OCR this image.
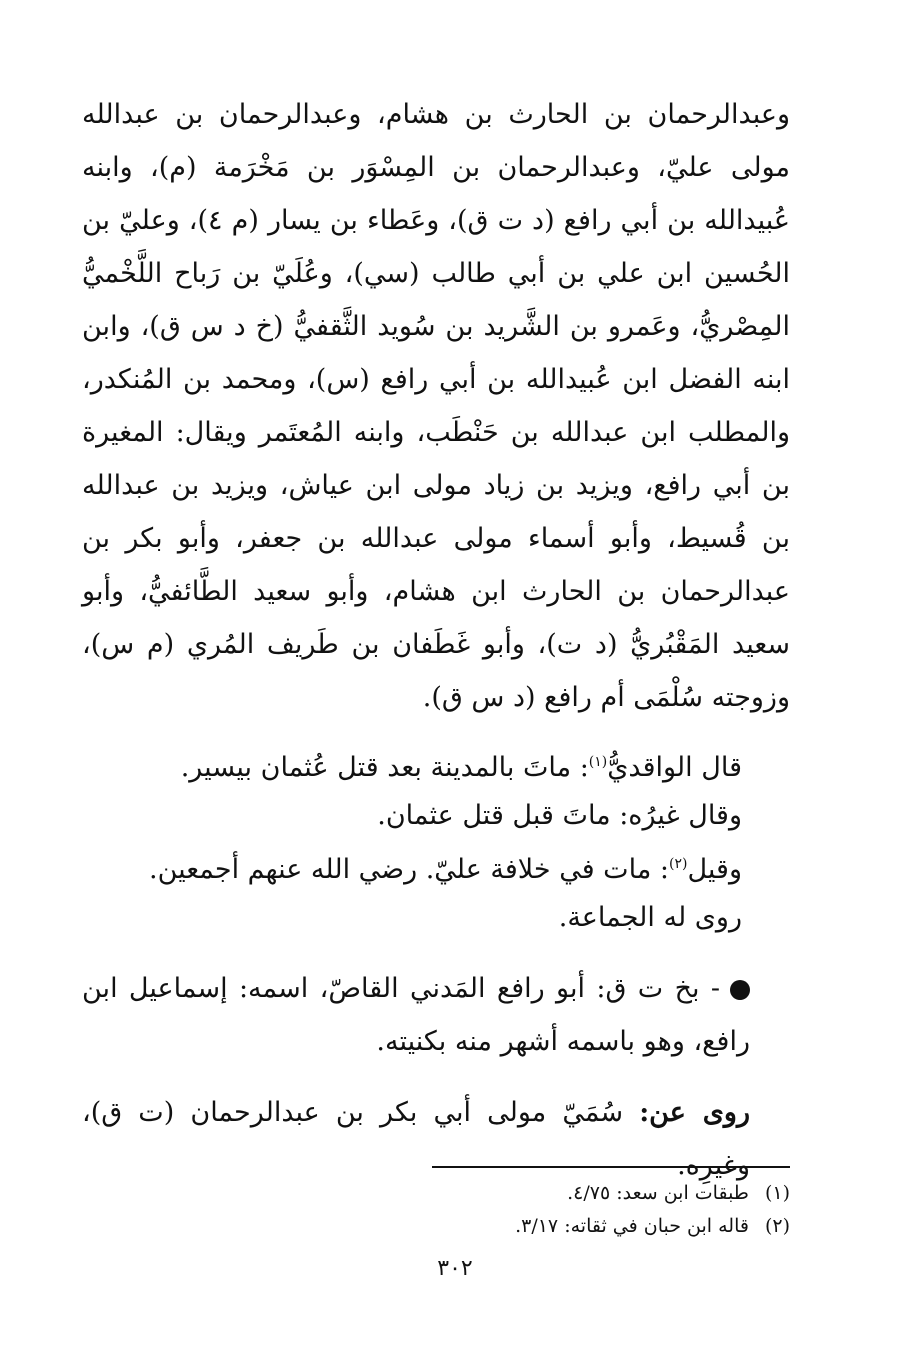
وعبدالرحمان بن الحارث بن هشام، وعبدالرحمان بن عبدالله مولى عليّ، وعبدالرحمان بن المِسْوَر بن مَخْرَمة (م)، وابنه عُبيدالله بن أبي رافع (د ت ق)، وعَطاء بن يسار (م ٤)، وعليّ بن الحُسين ابن علي بن أبي طالب (سي)، وعُلَيّ بن رَباح اللَّخْميُّ المِصْريُّ، وعَمرو بن الشَّريد بن سُويد الثَّقفيُّ (خ د س ق)، وابن ابنه الفضل ابن عُبيدالله بن أبي رافع (س)، ومحمد بن المُنكدر، والمطلب ابن عبدالله بن حَنْطَب، وابنه المُعتَمر ويقال: المغيرة بن أبي رافع، ويزيد بن زياد مولى ابن عياش، ويزيد بن عبدالله بن قُسيط، وأبو أسماء مولى عبدالله بن جعفر، وأبو بكر بن عبدالرحمان بن الحارث ابن هشام، وأبو سعيد الطَّائفيُّ، وأبو سعيد المَقْبُريُّ (د ت)، وأبو غَطَفان بن طَريف المُري (م س)، وزوجته سُلْمَى أم رافع (د س ق).

قال الواقديُّ$^{(١)}$: ماتَ بالمدينة بعد قتل عُثمان بيسير.

وقال غيرُه: ماتَ قبل قتل عثمان.

وقيل$^{(٢)}$: مات في خلافة عليّ. رضي الله عنهم أجمعين.

روى له الجماعة.

- بخ ت ق: أبو رافع المَدني القاصّ، اسمه: إسماعيل ابن رافع، وهو باسمه أشهر منه بكنيته.

روى عن: سُمَيّ مولى أبي بكر بن عبدالرحمان (ت ق)، وغيرِه.

(١)طبقات ابن سعد: ٤/٧٥.
(٢)قاله ابن حبان في ثقاته: ٣/١٧.
٣٠٢
